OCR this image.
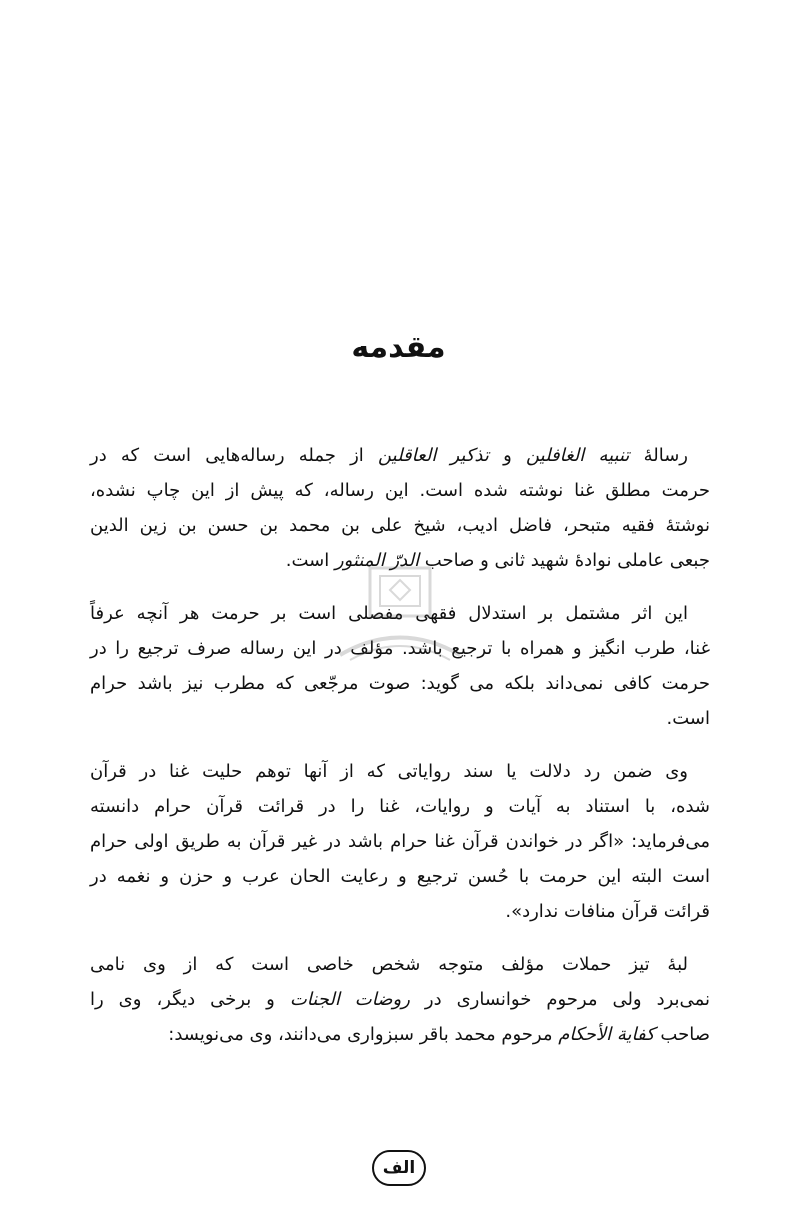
مقدمه

رسالهٔ تنبیه الغافلین و تذکیر العاقلین از جمله رساله‌هایی است که در
حرمت مطلق غنا نوشته شده است. این رساله، که پیش از این چاپ نشده،
نوشتهٔ فقیه متبحر، فاضل ادیب، شیخ علی بن محمد بن حسن بن زین الدین
جبعی عاملی نوادهٔ شهید ثانی و صاحب الدرّ المنثور است.

این اثر مشتمل بر استدلال فقهی مفصلی است بر حرمت هر آنچه عرفاً
غنا، طرب انگیز و همراه با ترجیع باشد. مؤلف در این رساله صرف ترجیع را در
حرمت کافی نمی‌داند بلکه می گوید: صوت مرجّعی که مطرب نیز باشد حرام
است.

وی ضمن رد دلالت یا سند روایاتی که از آنها توهم حلیت غنا در قرآن
شده، با استناد به آیات و روایات، غنا را در قرائت قرآن حرام دانسته
می‌فرماید: «اگر در خواندن قرآن غنا حرام باشد در غیر قرآن به طریق اولی حرام
است البته این حرمت با حُسن ترجیع و رعایت الحان عرب و حزن و نغمه در
قرائت قرآن منافات ندارد».

لبهٔ تیز حملات مؤلف متوجه شخص خاصی است که از وی نامی
نمی‌برد ولی مرحوم خوانساری در روضات الجنات و برخی دیگر، وی را
صاحب کفایة الأحکام مرحوم محمد باقر سبزواری می‌دانند، وی می‌نویسد:

الف
